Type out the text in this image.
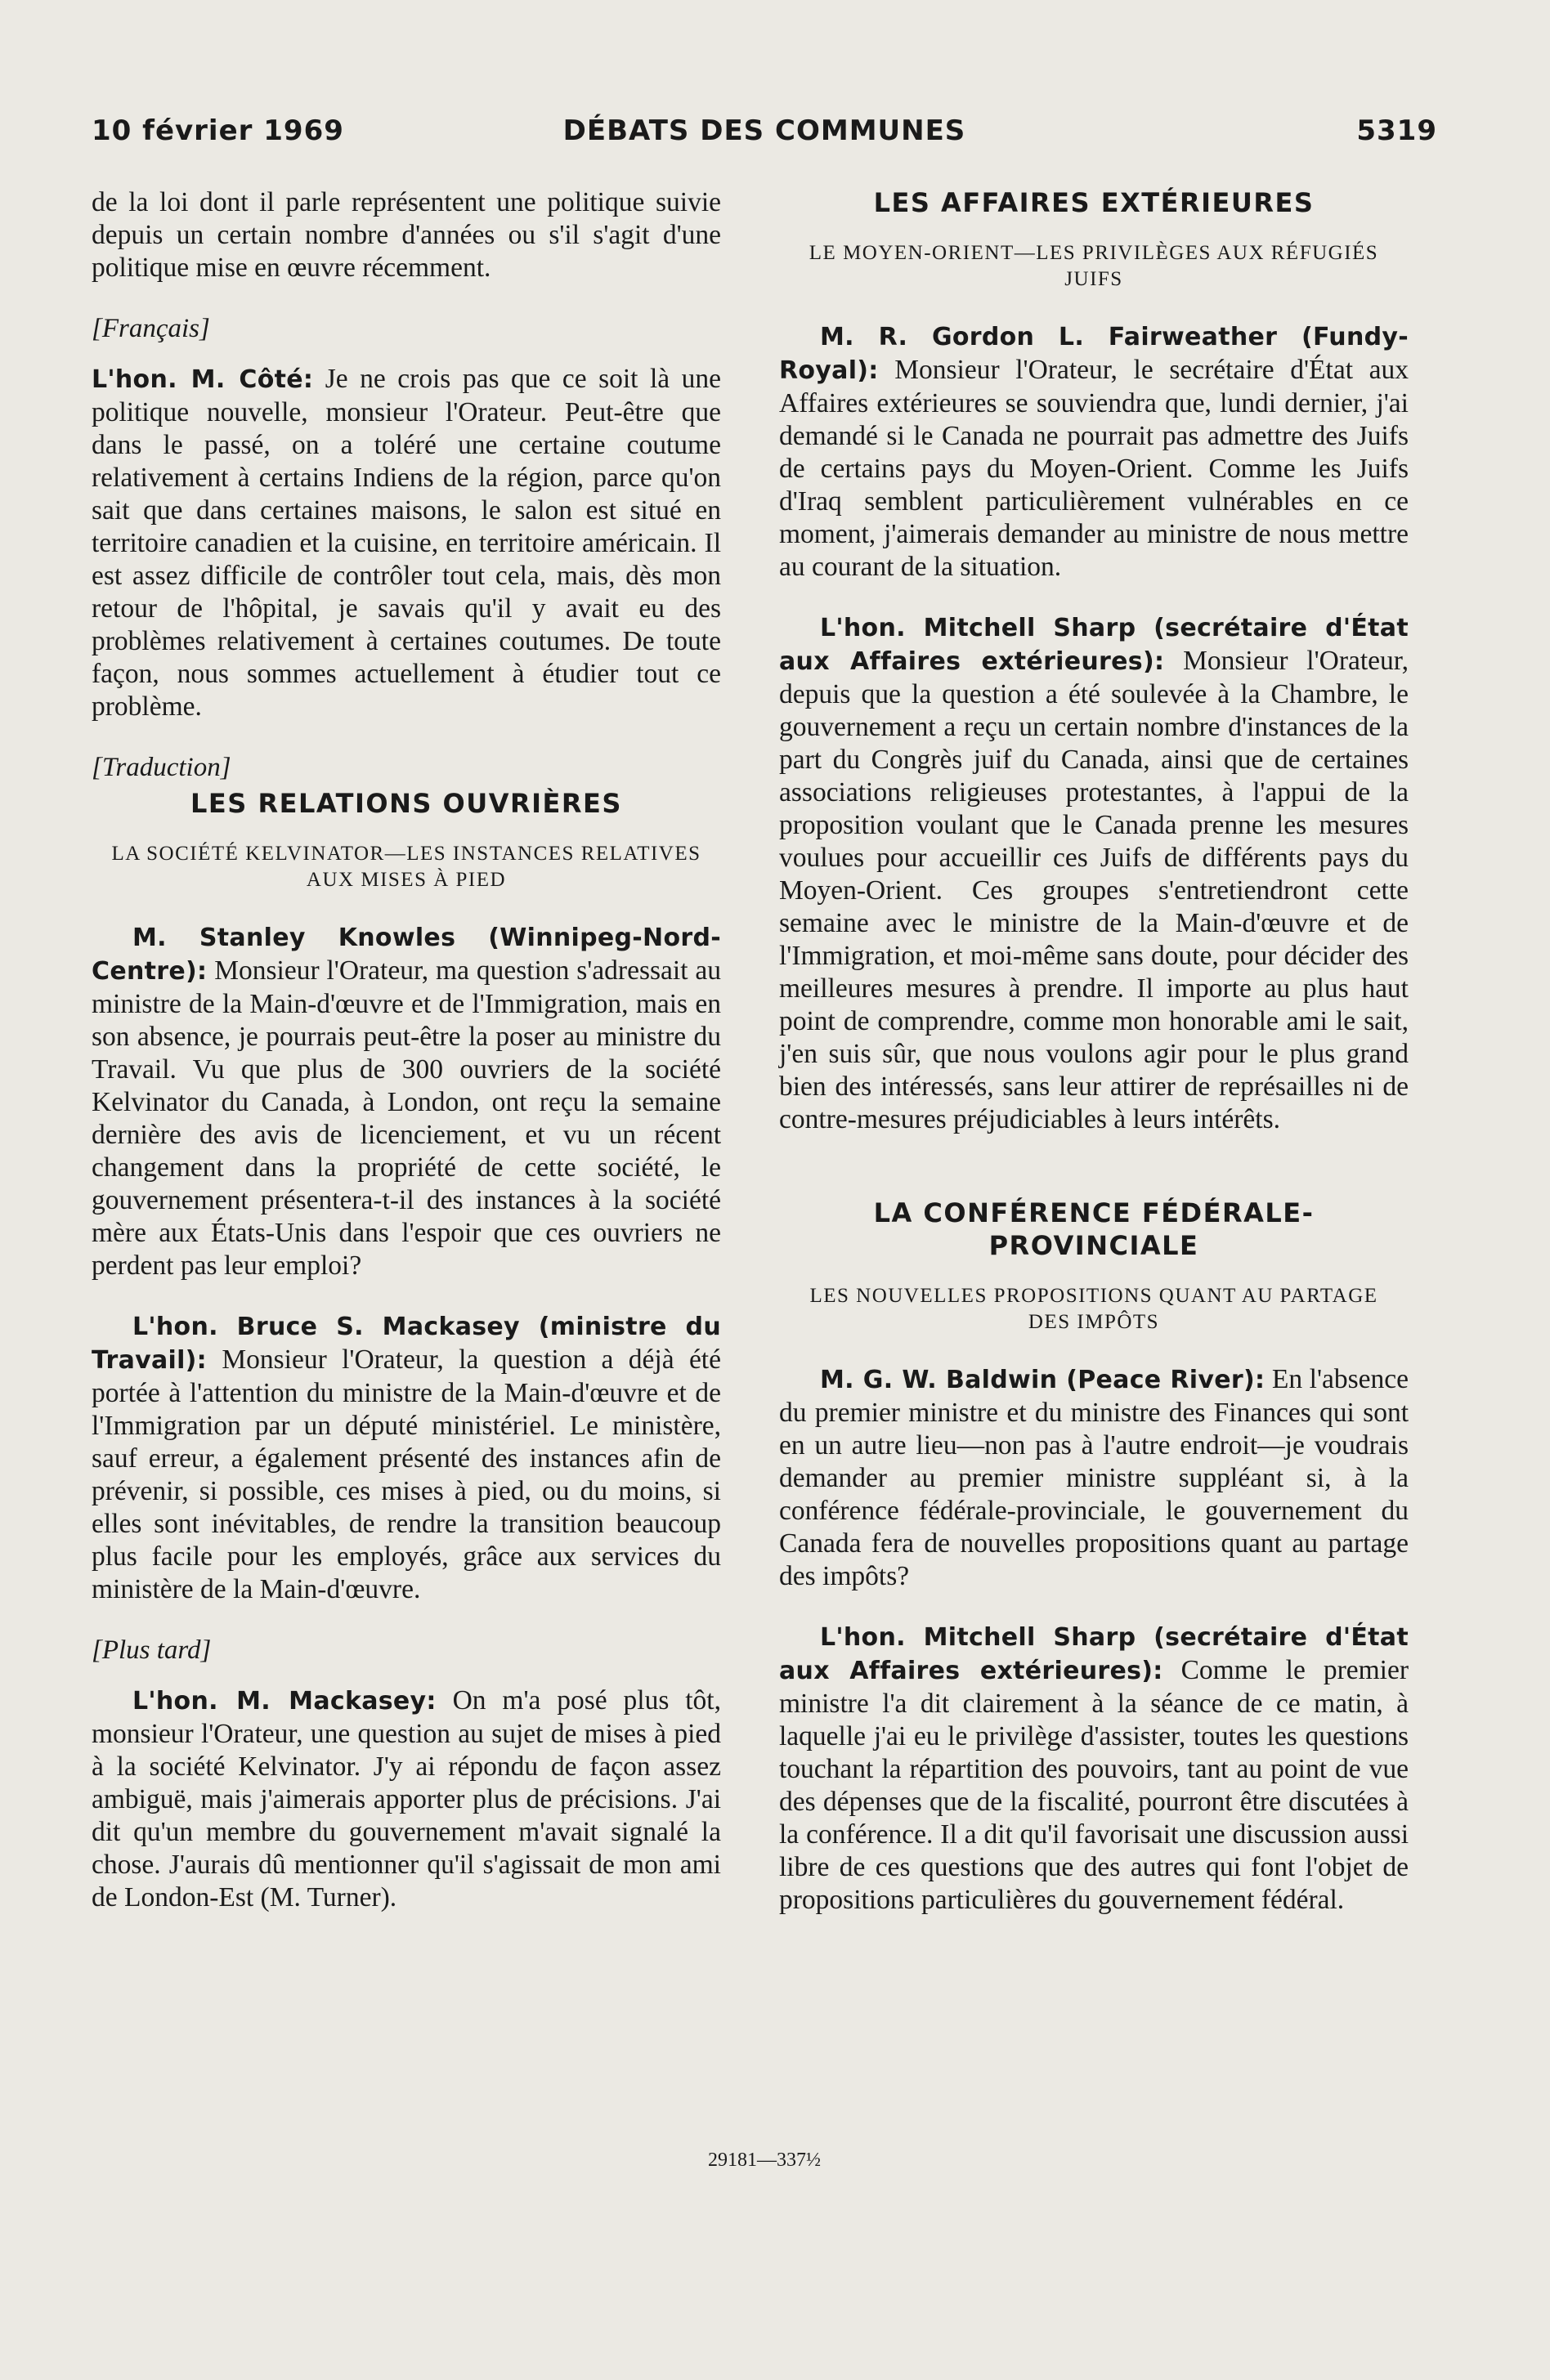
10 février 1969	DÉBATS DES COMMUNES	5319

de la loi dont il parle représentent une politique suivie depuis un certain nombre d'années ou s'il s'agit d'une politique mise en œuvre récemment.

[Français]

L'hon. M. Côté: Je ne crois pas que ce soit là une politique nouvelle, monsieur l'Orateur. Peut-être que dans le passé, on a toléré une certaine coutume relativement à certains Indiens de la région, parce qu'on sait que dans certaines maisons, le salon est situé en territoire canadien et la cuisine, en territoire américain. Il est assez difficile de contrôler tout cela, mais, dès mon retour de l'hôpital, je savais qu'il y avait eu des problèmes relativement à certaines coutumes. De toute façon, nous sommes actuellement à étudier tout ce problème.

[Traduction]
LES RELATIONS OUVRIÈRES
LA SOCIÉTÉ KELVINATOR—LES INSTANCES RELATIVES AUX MISES À PIED

M. Stanley Knowles (Winnipeg-Nord-Centre): Monsieur l'Orateur, ma question s'adressait au ministre de la Main-d'œuvre et de l'Immigration, mais en son absence, je pourrais peut-être la poser au ministre du Travail. Vu que plus de 300 ouvriers de la société Kelvinator du Canada, à London, ont reçu la semaine dernière des avis de licenciement, et vu un récent changement dans la propriété de cette société, le gouvernement présentera-t-il des instances à la société mère aux États-Unis dans l'espoir que ces ouvriers ne perdent pas leur emploi?

L'hon. Bruce S. Mackasey (ministre du Travail): Monsieur l'Orateur, la question a déjà été portée à l'attention du ministre de la Main-d'œuvre et de l'Immigration par un député ministériel. Le ministère, sauf erreur, a également présenté des instances afin de prévenir, si possible, ces mises à pied, ou du moins, si elles sont inévitables, de rendre la transition beaucoup plus facile pour les employés, grâce aux services du ministère de la Main-d'œuvre.

[Plus tard]

L'hon. M. Mackasey: On m'a posé plus tôt, monsieur l'Orateur, une question au sujet de mises à pied à la société Kelvinator. J'y ai répondu de façon assez ambiguë, mais j'aimerais apporter plus de précisions. J'ai dit qu'un membre du gouvernement m'avait signalé la chose. J'aurais dû mentionner qu'il s'agissait de mon ami de London-Est (M. Turner).

LES AFFAIRES EXTÉRIEURES
LE MOYEN-ORIENT—LES PRIVILÈGES AUX RÉFUGIÉS JUIFS

M. R. Gordon L. Fairweather (Fundy-Royal): Monsieur l'Orateur, le secrétaire d'État aux Affaires extérieures se souviendra que, lundi dernier, j'ai demandé si le Canada ne pourrait pas admettre des Juifs de certains pays du Moyen-Orient. Comme les Juifs d'Iraq semblent particulièrement vulnérables en ce moment, j'aimerais demander au ministre de nous mettre au courant de la situation.

L'hon. Mitchell Sharp (secrétaire d'État aux Affaires extérieures): Monsieur l'Orateur, depuis que la question a été soulevée à la Chambre, le gouvernement a reçu un certain nombre d'instances de la part du Congrès juif du Canada, ainsi que de certaines associations religieuses protestantes, à l'appui de la proposition voulant que le Canada prenne les mesures voulues pour accueillir ces Juifs de différents pays du Moyen-Orient. Ces groupes s'entretiendront cette semaine avec le ministre de la Main-d'œuvre et de l'Immigration, et moi-même sans doute, pour décider des meilleures mesures à prendre. Il importe au plus haut point de comprendre, comme mon honorable ami le sait, j'en suis sûr, que nous voulons agir pour le plus grand bien des intéressés, sans leur attirer de représailles ni de contre-mesures préjudiciables à leurs intérêts.

LA CONFÉRENCE FÉDÉRALE-PROVINCIALE
LES NOUVELLES PROPOSITIONS QUANT AU PARTAGE DES IMPÔTS

M. G. W. Baldwin (Peace River): En l'absence du premier ministre et du ministre des Finances qui sont en un autre lieu—non pas à l'autre endroit—je voudrais demander au premier ministre suppléant si, à la conférence fédérale-provinciale, le gouvernement du Canada fera de nouvelles propositions quant au partage des impôts?

L'hon. Mitchell Sharp (secrétaire d'État aux Affaires extérieures): Comme le premier ministre l'a dit clairement à la séance de ce matin, à laquelle j'ai eu le privilège d'assister, toutes les questions touchant la répartition des pouvoirs, tant au point de vue des dépenses que de la fiscalité, pourront être discutées à la conférence. Il a dit qu'il favorisait une discussion aussi libre de ces questions que des autres qui font l'objet de propositions particulières du gouvernement fédéral.

29181—337½
